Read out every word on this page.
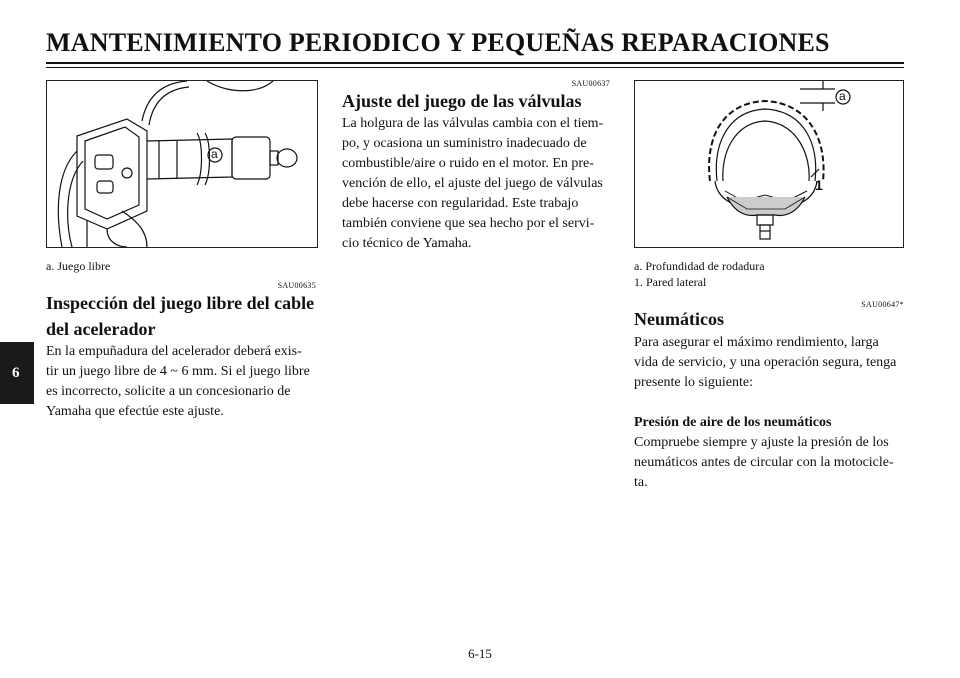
MANTENIMIENTO PERIODICO Y PEQUEÑAS REPARACIONES
6
a
a. Juego libre
SAU00635
Inspección del juego libre del cable
del acelerador
En la empuñadura del acelerador deberá exis-
tir un juego libre de 4 ~ 6 mm. Si el juego libre
es incorrecto, solicite a un concesionario de
Yamaha que efectúe este ajuste.
SAU00637
Ajuste del juego de las válvulas
La holgura de las válvulas cambia con el tiem-
po, y ocasiona un suministro inadecuado de
combustible/aire o ruido en el motor. En pre-
vención de ello, el ajuste del juego de válvulas
debe hacerse con regularidad. Este trabajo
también conviene que sea hecho por el servi-
cio técnico de Yamaha.
a
1
a. Profundidad de rodadura
1. Pared lateral
SAU00647*
Neumáticos
Para asegurar el máximo rendimiento, larga
vida de servicio, y una operación segura, tenga
presente lo siguiente:
Presión de aire de los neumáticos
Compruebe siempre y ajuste la presión de los
neumáticos antes de circular con la motocicle-
ta.
6-15
